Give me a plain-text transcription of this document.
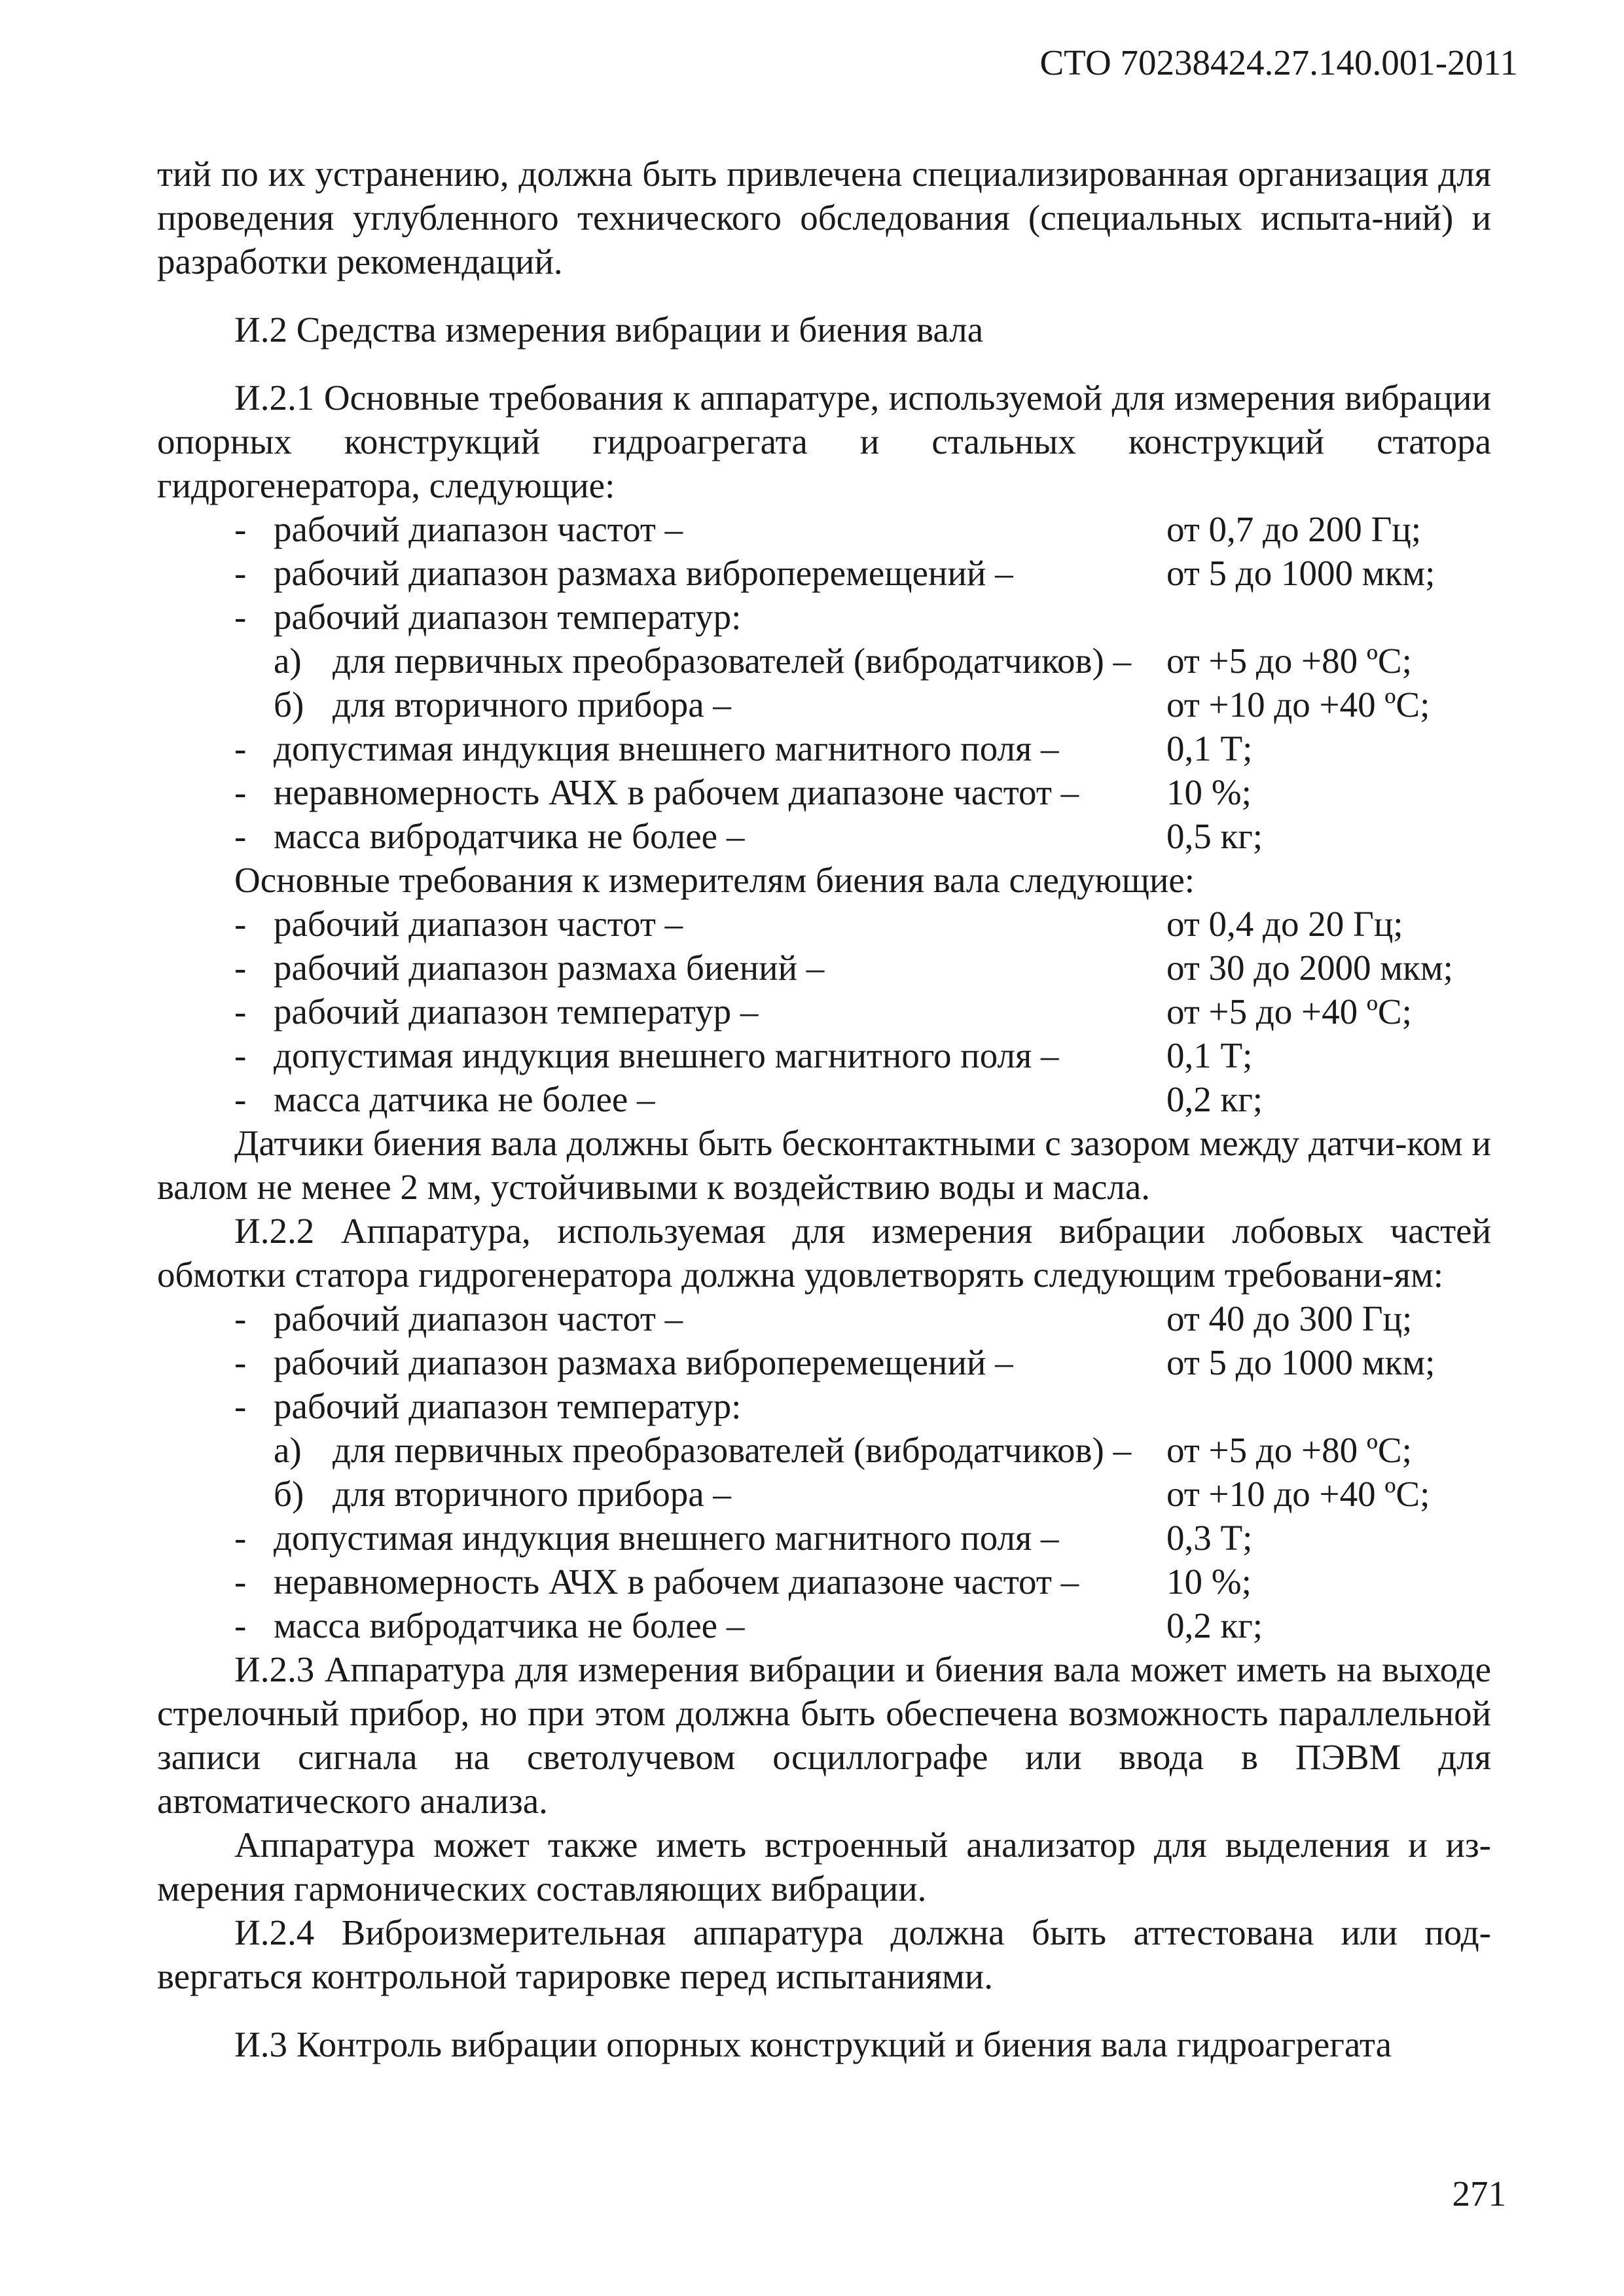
СТО 70238424.27.140.001-2011

тий по их устранению, должна быть привлечена специализированная организация для проведения углубленного технического обследования (специальных испыта-ний) и разработки рекомендаций.

И.2 Средства измерения вибрации и биения вала

И.2.1 Основные требования к аппаратуре, используемой для измерения вибрации опорных конструкций гидроагрегата и стальных конструкций статора гидрогенератора, следующие:

- рабочий диапазон частот –	от 0,7 до 200 Гц;
- рабочий диапазон размаха виброперемещений –	от 5 до 1000 мкм;
- рабочий диапазон температур:
а) для первичных преобразователей (вибродатчиков) – от +5 до +80 ºС;
б) для вторичного прибора –	от +10 до +40 ºС;
- допустимая индукция внешнего магнитного поля –	0,1 Т;
- неравномерность АЧХ в рабочем диапазоне частот –	10 %;
- масса вибродатчика не более –	0,5 кг;

Основные требования к измерителям биения вала следующие:

- рабочий диапазон частот –	от 0,4 до 20 Гц;
- рабочий диапазон размаха биений –	от 30 до 2000 мкм;
- рабочий диапазон температур –	от +5 до +40 ºС;
- допустимая индукция внешнего магнитного поля –	0,1 Т;
- масса датчика не более –	0,2 кг;

Датчики биения вала должны быть бесконтактными с зазором между датчи-ком и валом не менее 2 мм, устойчивыми к воздействию воды и масла.

И.2.2 Аппаратура, используемая для измерения вибрации лобовых частей обмотки статора гидрогенератора должна удовлетворять следующим требовани-ям:

- рабочий диапазон частот –	от 40 до 300 Гц;
- рабочий диапазон размаха виброперемещений –	от 5 до 1000 мкм;
- рабочий диапазон температур:
а) для первичных преобразователей (вибродатчиков) – от +5 до +80 ºС;
б) для вторичного прибора –	от +10 до +40 ºС;
- допустимая индукция внешнего магнитного поля –	0,3 Т;
- неравномерность АЧХ в рабочем диапазоне частот –	10 %;
- масса вибродатчика не более –	0,2 кг;

И.2.3 Аппаратура для измерения вибрации и биения вала может иметь на выходе стрелочный прибор, но при этом должна быть обеспечена возможность параллельной записи сигнала на светолучевом осциллографе или ввода в ПЭВМ для автоматического анализа.

Аппаратура может также иметь встроенный анализатор для выделения и из-мерения гармонических составляющих вибрации.

И.2.4 Виброизмерительная аппаратура должна быть аттестована или под-вергаться контрольной тарировке перед испытаниями.

И.3 Контроль вибрации опорных конструкций и биения вала гидроагрегата

271
